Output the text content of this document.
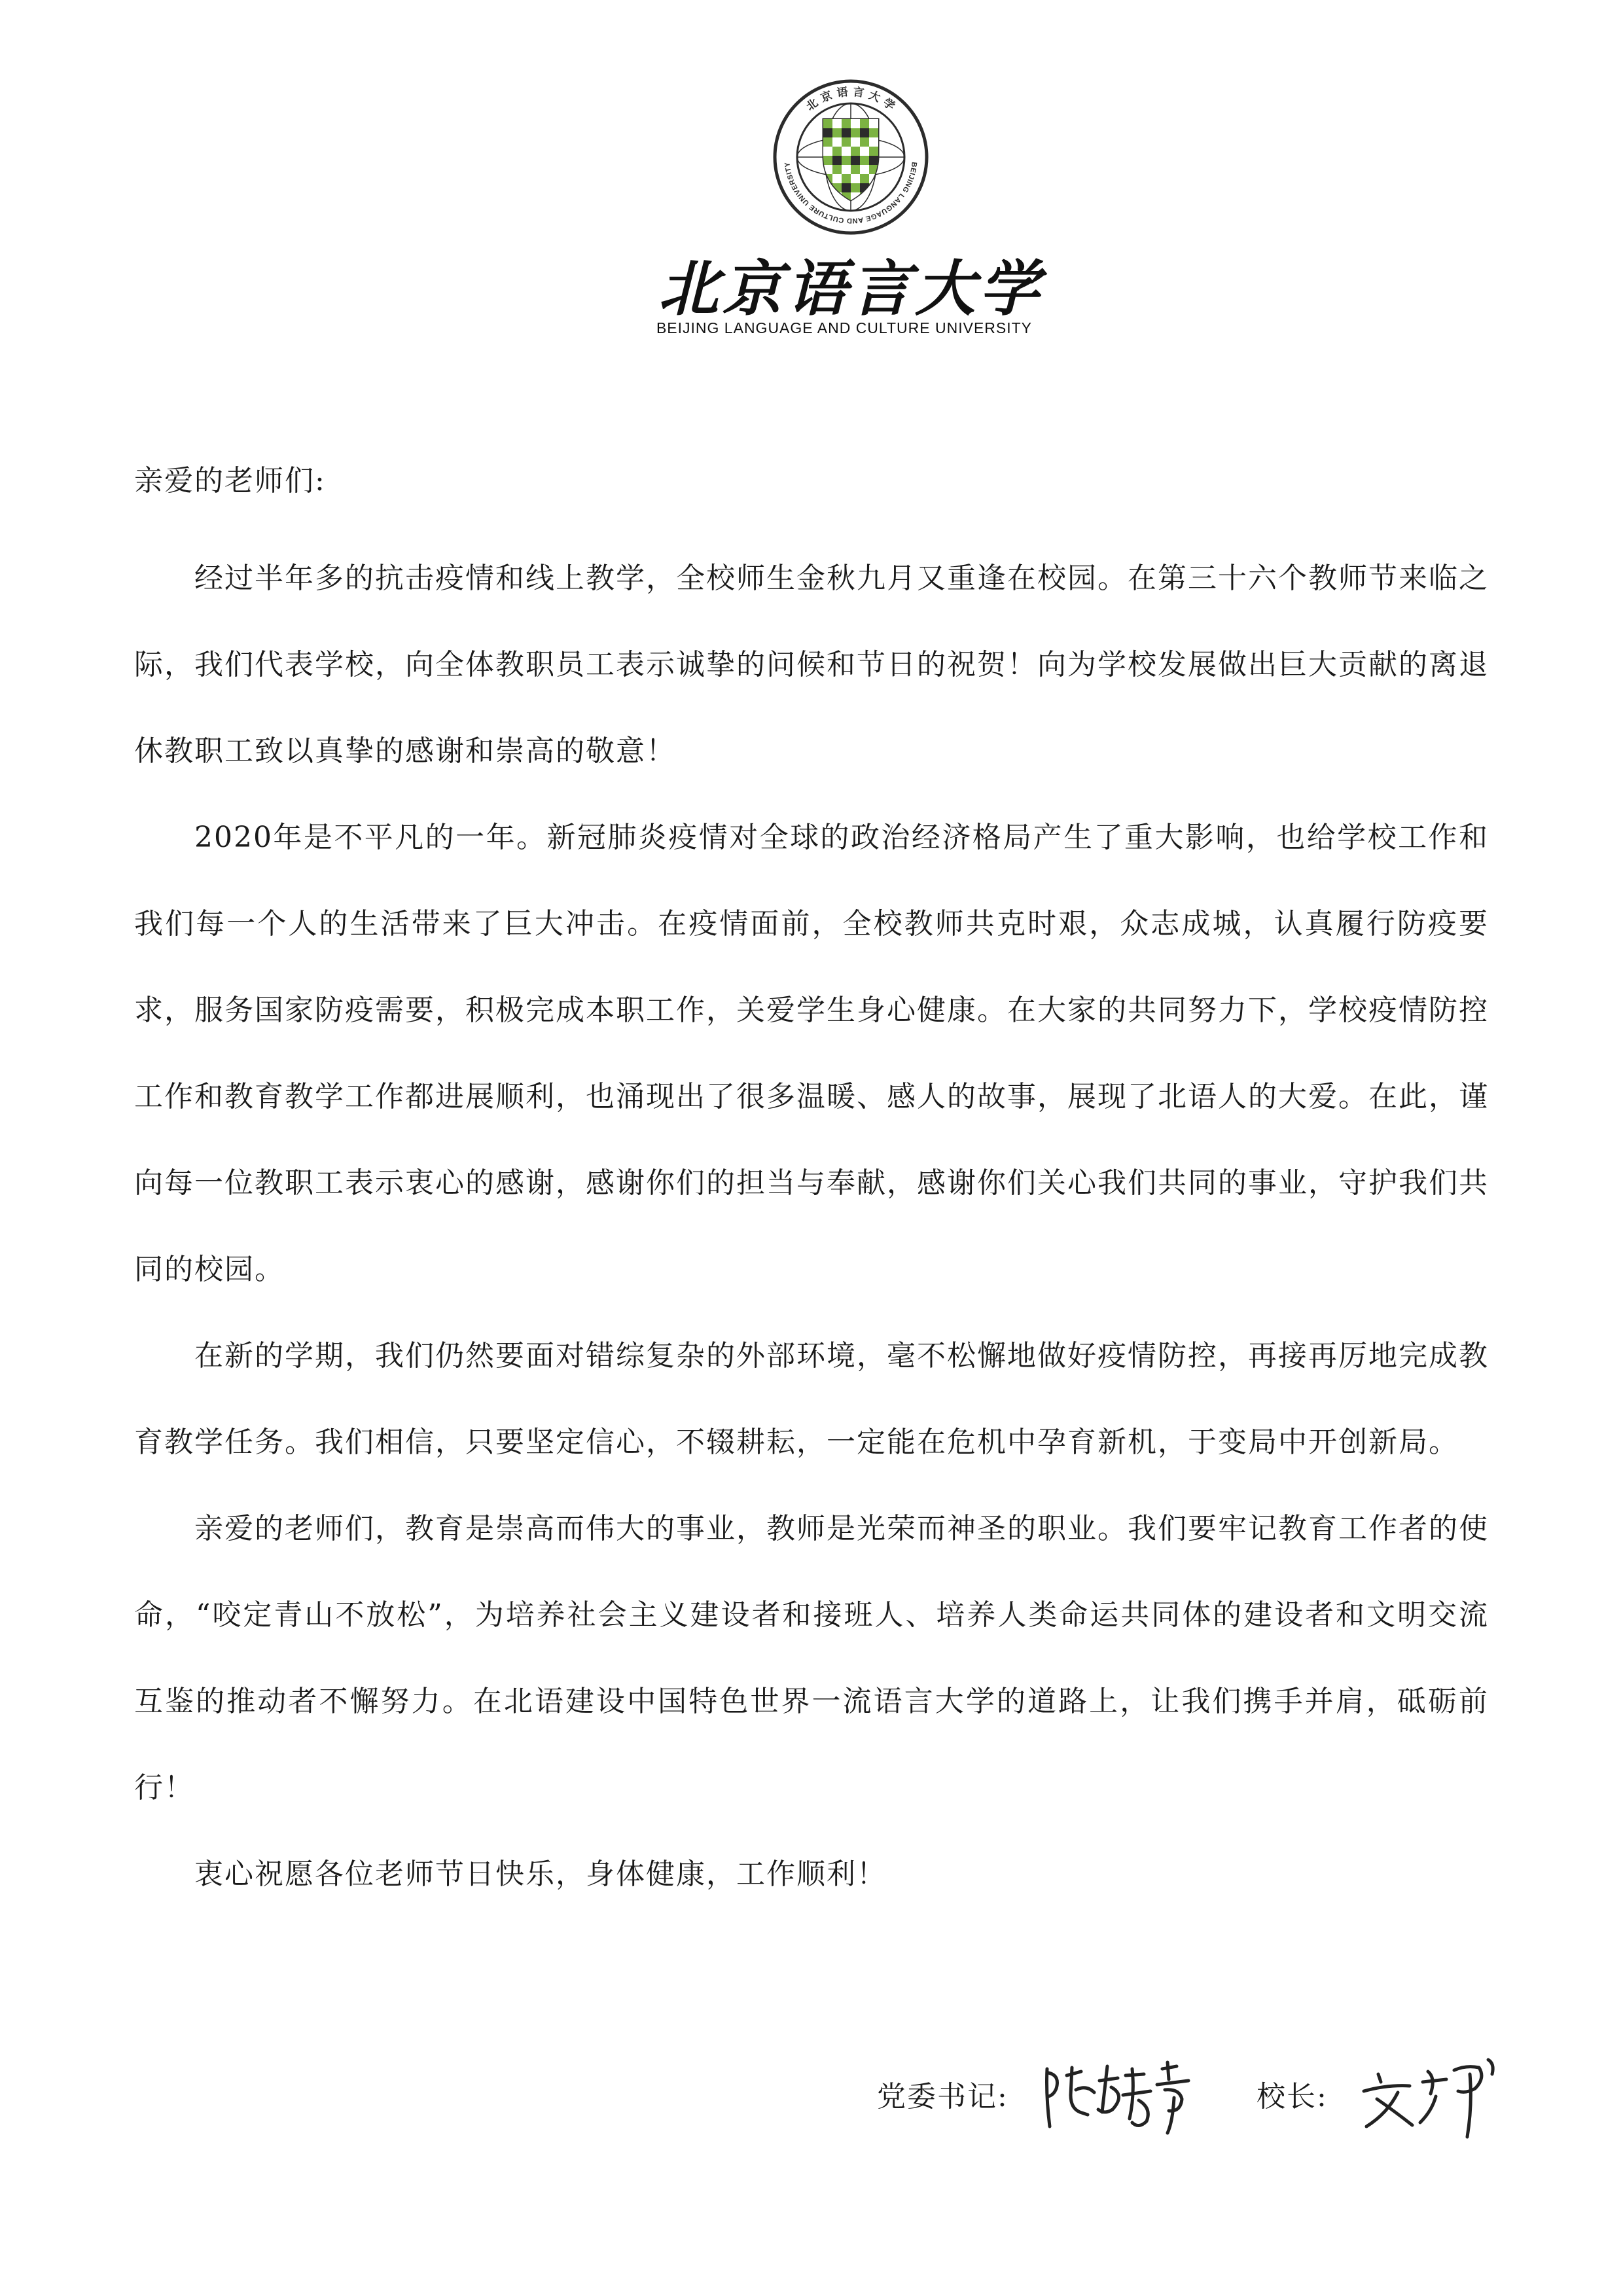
北 京 语 言 大 学
BEIJING LANGUAGE AND CULTURE UNIVERSITY
北京语言大学
BEIJING LANGUAGE AND CULTURE UNIVERSITY

亲爱的老师们:

经过半年多的抗击疫情和线上教学，全校师生金秋九月又重逢在校园。在第三十六个教师节来临之际，我们代表学校，向全体教职员工表示诚挚的问候和节日的祝贺！向为学校发展做出巨大贡献的离退休教职工致以真挚的感谢和崇高的敬意！

2020年是不平凡的一年。新冠肺炎疫情对全球的政治经济格局产生了重大影响，也给学校工作和我们每一个人的生活带来了巨大冲击。在疫情面前，全校教师共克时艰，众志成城，认真履行防疫要求，服务国家防疫需要，积极完成本职工作，关爱学生身心健康。在大家的共同努力下，学校疫情防控工作和教育教学工作都进展顺利，也涌现出了很多温暖、感人的故事，展现了北语人的大爱。在此，谨向每一位教职工表示衷心的感谢，感谢你们的担当与奉献，感谢你们关心我们共同的事业，守护我们共同的校园。

在新的学期，我们仍然要面对错综复杂的外部环境，毫不松懈地做好疫情防控，再接再厉地完成教育教学任务。我们相信，只要坚定信心，不辍耕耘，一定能在危机中孕育新机，于变局中开创新局。

亲爱的老师们，教育是崇高而伟大的事业，教师是光荣而神圣的职业。我们要牢记教育工作者的使命，“咬定青山不放松”，为培养社会主义建设者和接班人、培养人类命运共同体的建设者和文明交流互鉴的推动者不懈努力。在北语建设中国特色世界一流语言大学的道路上，让我们携手并肩，砥砺前行！

衷心祝愿各位老师节日快乐，身体健康，工作顺利！

党委书记:	校长:
